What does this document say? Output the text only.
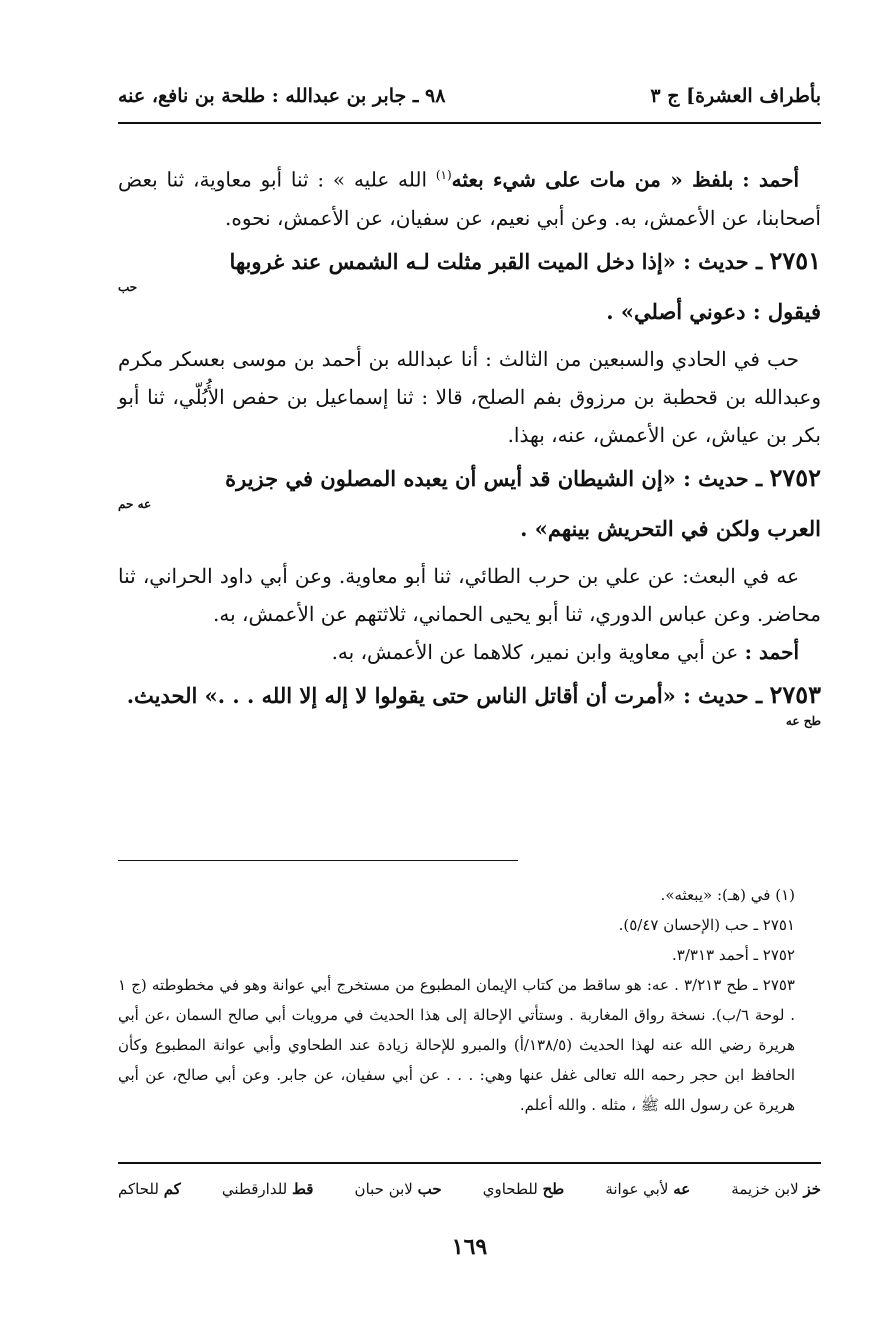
بأطراف العشرة] ج ٣
٩٨ ـ جابر بن عبدالله : طلحة بن نافع، عنه

أحمد : بلفظ « من مات على شيء بعثه$^{(١)}$ الله عليه » : ثنا أبو معاوية، ثنا بعض أصحابنا، عن الأعمش، به. وعن أبي نعيم، عن سفيان، عن الأعمش، نحوه.

٢٧٥١ ـ حديث : «إذا دخل الميت القبر مثلت لـه الشمس عند غروبها
حب
فيقول : دعوني أصلي» .

حب في الحادي والسبعين من الثالث : أنا عبدالله بن أحمد بن موسى بعسكر مكرم وعبدالله بن قحطبة بن مرزوق بفم الصلح، قالا : ثنا إسماعيل بن حفص الأُبُلّي، ثنا أبو بكر بن عياش، عن الأعمش، عنه، بهذا.

٢٧٥٢ ـ حديث : «إن الشيطان قد أيس أن يعبده المصلون في جزيرة
عه حم
العرب ولكن في التحريش بينهم» .

عه في البعث: عن علي بن حرب الطائي، ثنا أبو معاوية. وعن أبي داود الحراني، ثنا محاضر. وعن عباس الدوري، ثنا أبو يحيى الحماني، ثلاثتهم عن الأعمش، به.

أحمد : عن أبي معاوية وابن نمير، كلاهما عن الأعمش، به.

٢٧٥٣ ـ حديث : «أمرت أن أقاتل الناس حتى يقولوا لا إله إلا الله . . .» الحديث.
طح عه

(١) في (هـ): «يبعثه».

٢٧٥١ ـ حب (الإحسان ٥/٤٧).

٢٧٥٢ ـ أحمد ٣/٣١٣.

٢٧٥٣ ـ طح ٣/٢١٣ . عه: هو ساقط من كتاب الإيمان المطبوع من مستخرج أبي عوانة وهو في مخطوطته (ج ١ . لوحة ٦/ب). نسخة رواق المغاربة . وستأتي الإحالة إلى هذا الحديث في مرويات أبي صالح السمان ،عن أبي هريرة رضي الله عنه لهذا الحديث (١٣٨/٥/أ) والمبرو للإحالة زيادة عند الطحاوي وأبي عوانة المطبوع وكأن الحافظ ابن حجر رحمه الله تعالى غفل عنها وهي: . . . عن أبي سفيان، عن جابر. وعن أبي صالح، عن أبي هريرة عن رسول الله ﷺ ، مثله . والله أعلم.

خز لابن خزيمة
عه لأبي عوانة
طح للطحاوي
حب لابن حبان
قط للدارقطني
كم للحاكم
١٦٩
